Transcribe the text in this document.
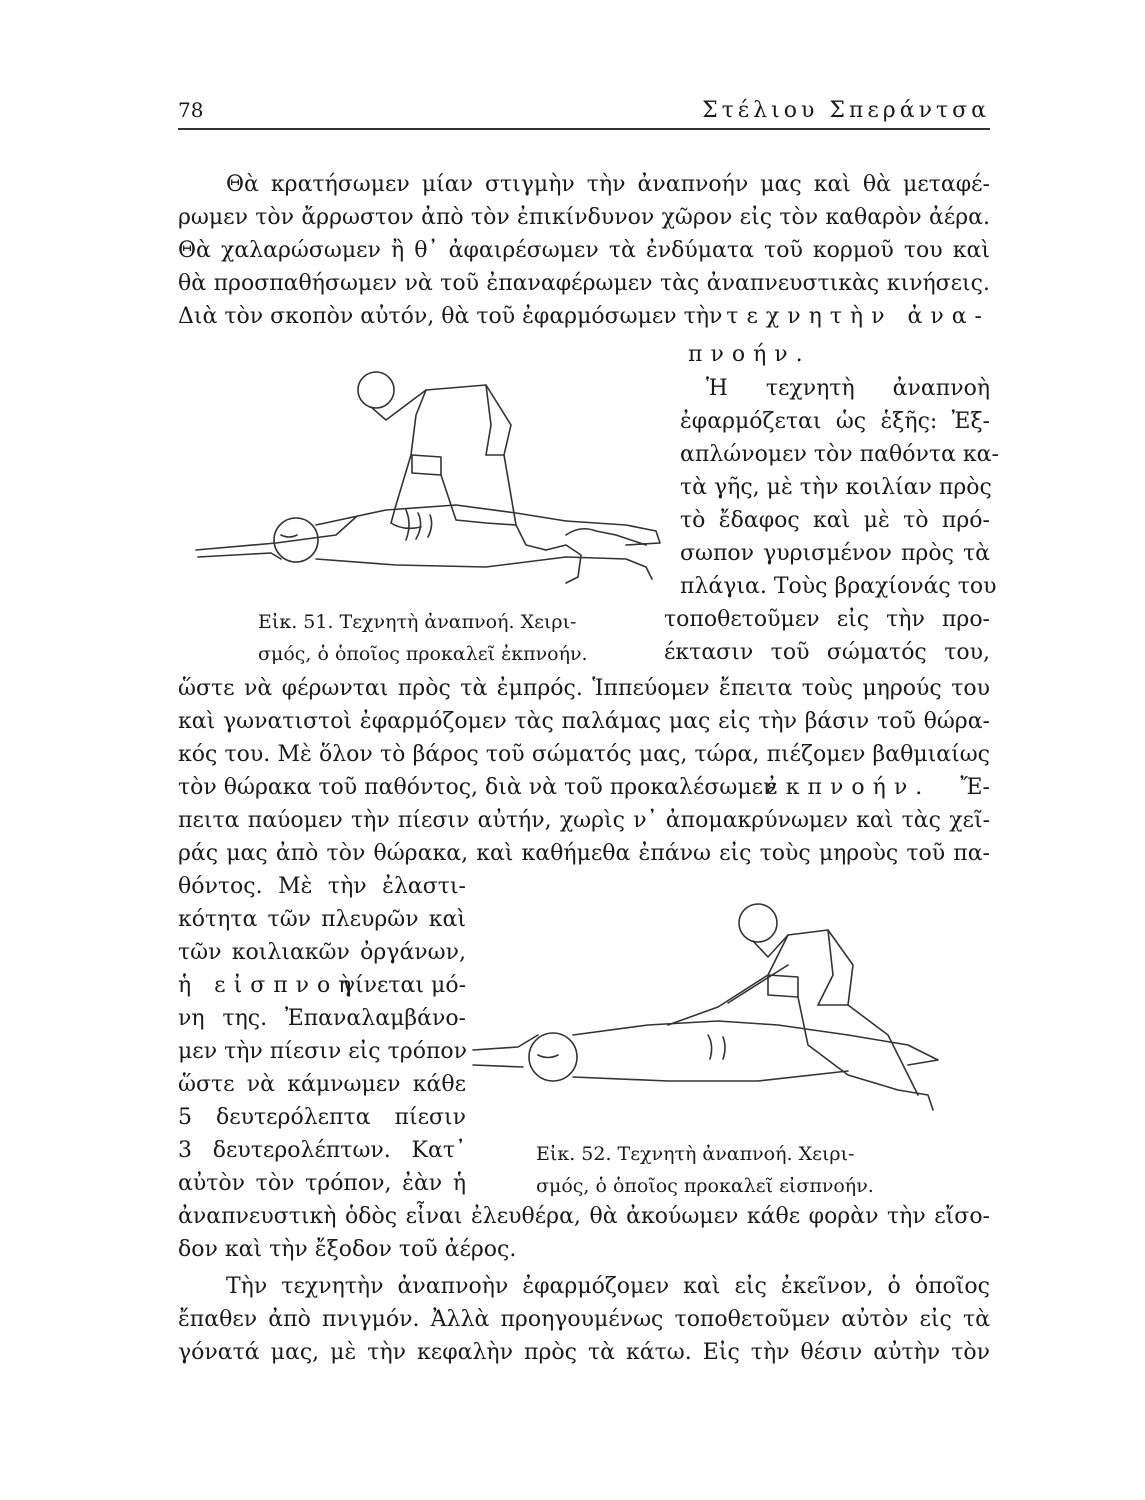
78	Στέλιου Σπεράντσα
Θὰ κρατήσωμεν μίαν στιγμὴν τὴν ἀναπνοήν μας καὶ θὰ μεταφέ-
ρωμεν τὸν ἄρρωστον ἀπὸ τὸν ἐπικίνδυνον χῶρον εἰς τὸν καθαρὸν ἀέρα.
Θὰ χαλαρώσωμεν ἢ θ᾽ ἀφαιρέσωμεν τὰ ἐνδύματα τοῦ κορμοῦ του καὶ
θὰ προσπαθήσωμεν νὰ τοῦ ἐπαναφέρωμεν τὰς ἀναπνευστικὰς κινήσεις.
Διὰ τὸν σκοπὸν αὐτόν, θὰ τοῦ ἐφαρμόσωμεν τὴν τεχνητὴν ἀνα-
πνοήν.
Ἡ τεχνητὴ ἀναπνοὴ
ἐφαρμόζεται ὡς ἑξῆς: Ἐξ-
απλώνομεν τὸν παθόντα κα-
τὰ γῆς, μὲ τὴν κοιλίαν πρὸς
τὸ ἔδαφος καὶ μὲ τὸ πρό-
σωπον γυρισμένον πρὸς τὰ
πλάγια. Τοὺς βραχίονάς του
τοποθετοῦμεν εἰς τὴν προ-
έκτασιν τοῦ σώματός του,
Εἰκ. 51. Τεχνητὴ ἀναπνοή. Χειρι-
σμός, ὁ ὁποῖος προκαλεῖ ἐκπνοήν.
ὥστε νὰ φέρωνται πρὸς τὰ ἐμπρός. Ἱππεύομεν ἔπειτα τοὺς μηρούς του
καὶ γωνατιστοὶ ἐφαρμόζομεν τὰς παλάμας μας εἰς τὴν βάσιν τοῦ θώρα-
κός του. Μὲ ὅλον τὸ βάρος τοῦ σώματός μας, τώρα, πιέζομεν βαθμιαίως
τὸν θώρακα τοῦ παθόντος, διὰ νὰ τοῦ προκαλέσωμεν
ἐκπνοήν. Ἔ-
πειτα παύομεν τὴν πίεσιν αὐτήν, χωρὶς ν᾽ ἀπομακρύνωμεν καὶ τὰς χεῖ-
ράς μας ἀπὸ τὸν θώρακα, καὶ καθήμεθα ἐπάνω εἰς τοὺς μηροὺς τοῦ πα-
θόντος. Μὲ τὴν ἐλαστι-
κότητα τῶν πλευρῶν καὶ
τῶν κοιλιακῶν ὀργάνων,
ἡ εἰσπνοὴ
γίνεται μό-
νη της. Ἐπαναλαμβάνο-
μεν τὴν πίεσιν εἰς τρόπον
ὥστε νὰ κάμνωμεν κάθε
5 δευτερόλεπτα πίεσιν
3 δευτερολέπτων. Κατ᾽
αὐτὸν τὸν τρόπον, ἐὰν ἡ
Εἰκ. 52. Τεχνητὴ ἀναπνοή. Χειρι-
σμός, ὁ ὁποῖος προκαλεῖ εἰσπνοήν.
ἀναπνευστικὴ ὁδὸς εἶναι ἐλευθέρα, θὰ ἀκούωμεν κάθε φορὰν τὴν εἴσο-
δον καὶ τὴν ἔξοδον τοῦ ἀέρος.
Τὴν τεχνητὴν ἀναπνοὴν ἐφαρμόζομεν καὶ εἰς ἐκεῖνον, ὁ ὁποῖος
ἔπαθεν ἀπὸ πνιγμόν. Ἀλλὰ προηγουμένως τοποθετοῦμεν αὐτὸν εἰς τὰ
γόνατά μας, μὲ τὴν κεφαλὴν πρὸς τὰ κάτω. Εἰς τὴν θέσιν αὐτὴν τὸν
